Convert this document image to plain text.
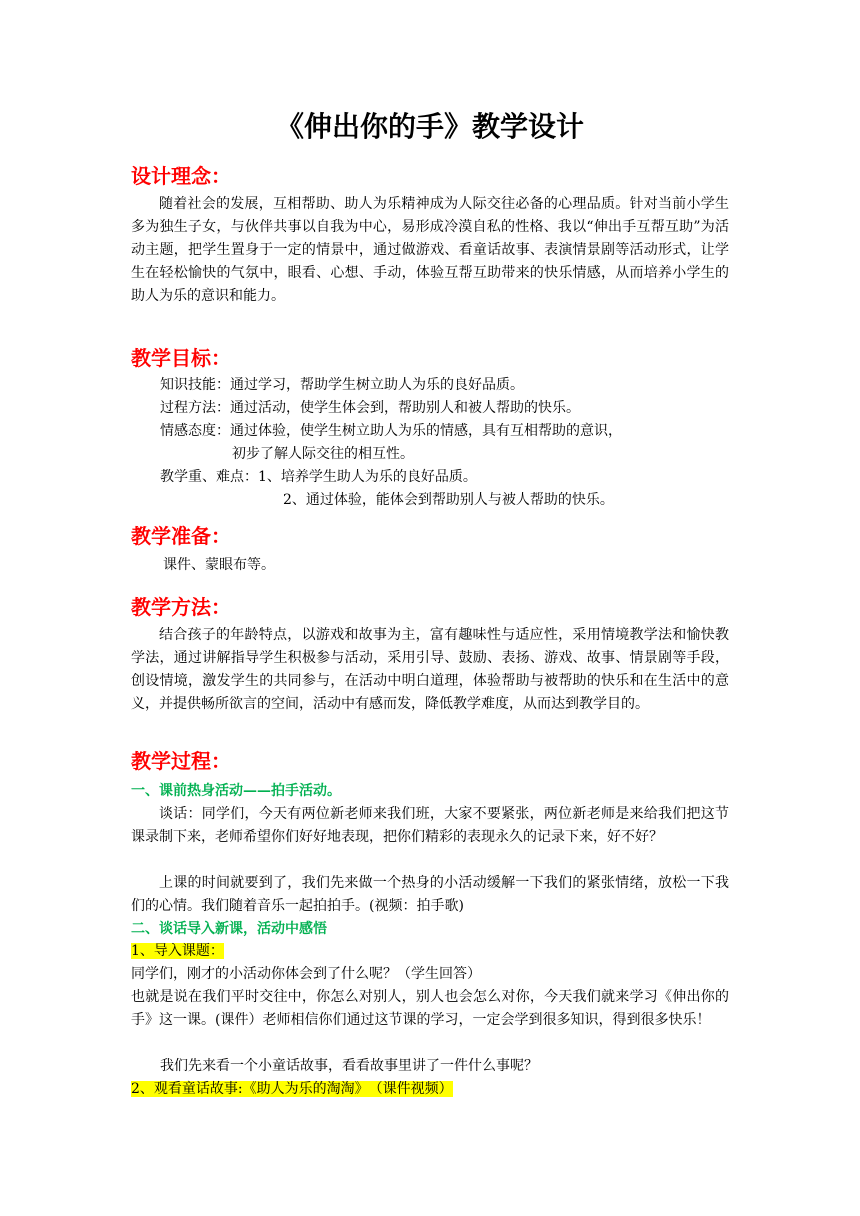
《伸出你的手》教学设计
设计理念：
随着社会的发展，互相帮助、助人为乐精神成为人际交往必备的心理品质。针对当前小学生多为独生子女，与伙伴共事以自我为中心，易形成冷漠自私的性格、我以“伸出手互帮互助”为活动主题，把学生置身于一定的情景中，通过做游戏、看童话故事、表演情景剧等活动形式，让学生在轻松愉快的气氛中，眼看、心想、手动，体验互帮互助带来的快乐情感，从而培养小学生的助人为乐的意识和能力。
教学目标：
知识技能：通过学习，帮助学生树立助人为乐的良好品质。
过程方法：通过活动，使学生体会到，帮助别人和被人帮助的快乐。
情感态度：通过体验，使学生树立助人为乐的情感，具有互相帮助的意识，
初步了解人际交往的相互性。
教学重、难点：1、培养学生助人为乐的良好品质。
2、通过体验，能体会到帮助别人与被人帮助的快乐。
教学准备：
课件、蒙眼布等。
教学方法：
结合孩子的年龄特点，以游戏和故事为主，富有趣味性与适应性，采用情境教学法和愉快教学法，通过讲解指导学生积极参与活动，采用引导、鼓励、表扬、游戏、故事、情景剧等手段，创设情境，激发学生的共同参与，在活动中明白道理，体验帮助与被帮助的快乐和在生活中的意义，并提供畅所欲言的空间，活动中有感而发，降低教学难度，从而达到教学目的。
教学过程：
一、课前热身活动——拍手活动。
谈话：同学们，今天有两位新老师来我们班，大家不要紧张，两位新老师是来给我们把这节课录制下来，老师希望你们好好地表现，把你们精彩的表现永久的记录下来，好不好？
上课的时间就要到了，我们先来做一个热身的小活动缓解一下我们的紧张情绪，放松一下我们的心情。我们随着音乐一起拍拍手。(视频：拍手歌)
二、谈话导入新课，活动中感悟
1、导入课题：
同学们，刚才的小活动你体会到了什么呢？（学生回答）
也就是说在我们平时交往中，你怎么对别人，别人也会怎么对你，今天我们就来学习《伸出你的手》这一课。(课件）老师相信你们通过这节课的学习，一定会学到很多知识，得到很多快乐！
我们先来看一个小童话故事，看看故事里讲了一件什么事呢？
2、观看童话故事:《助人为乐的淘淘》　（课件视频）
